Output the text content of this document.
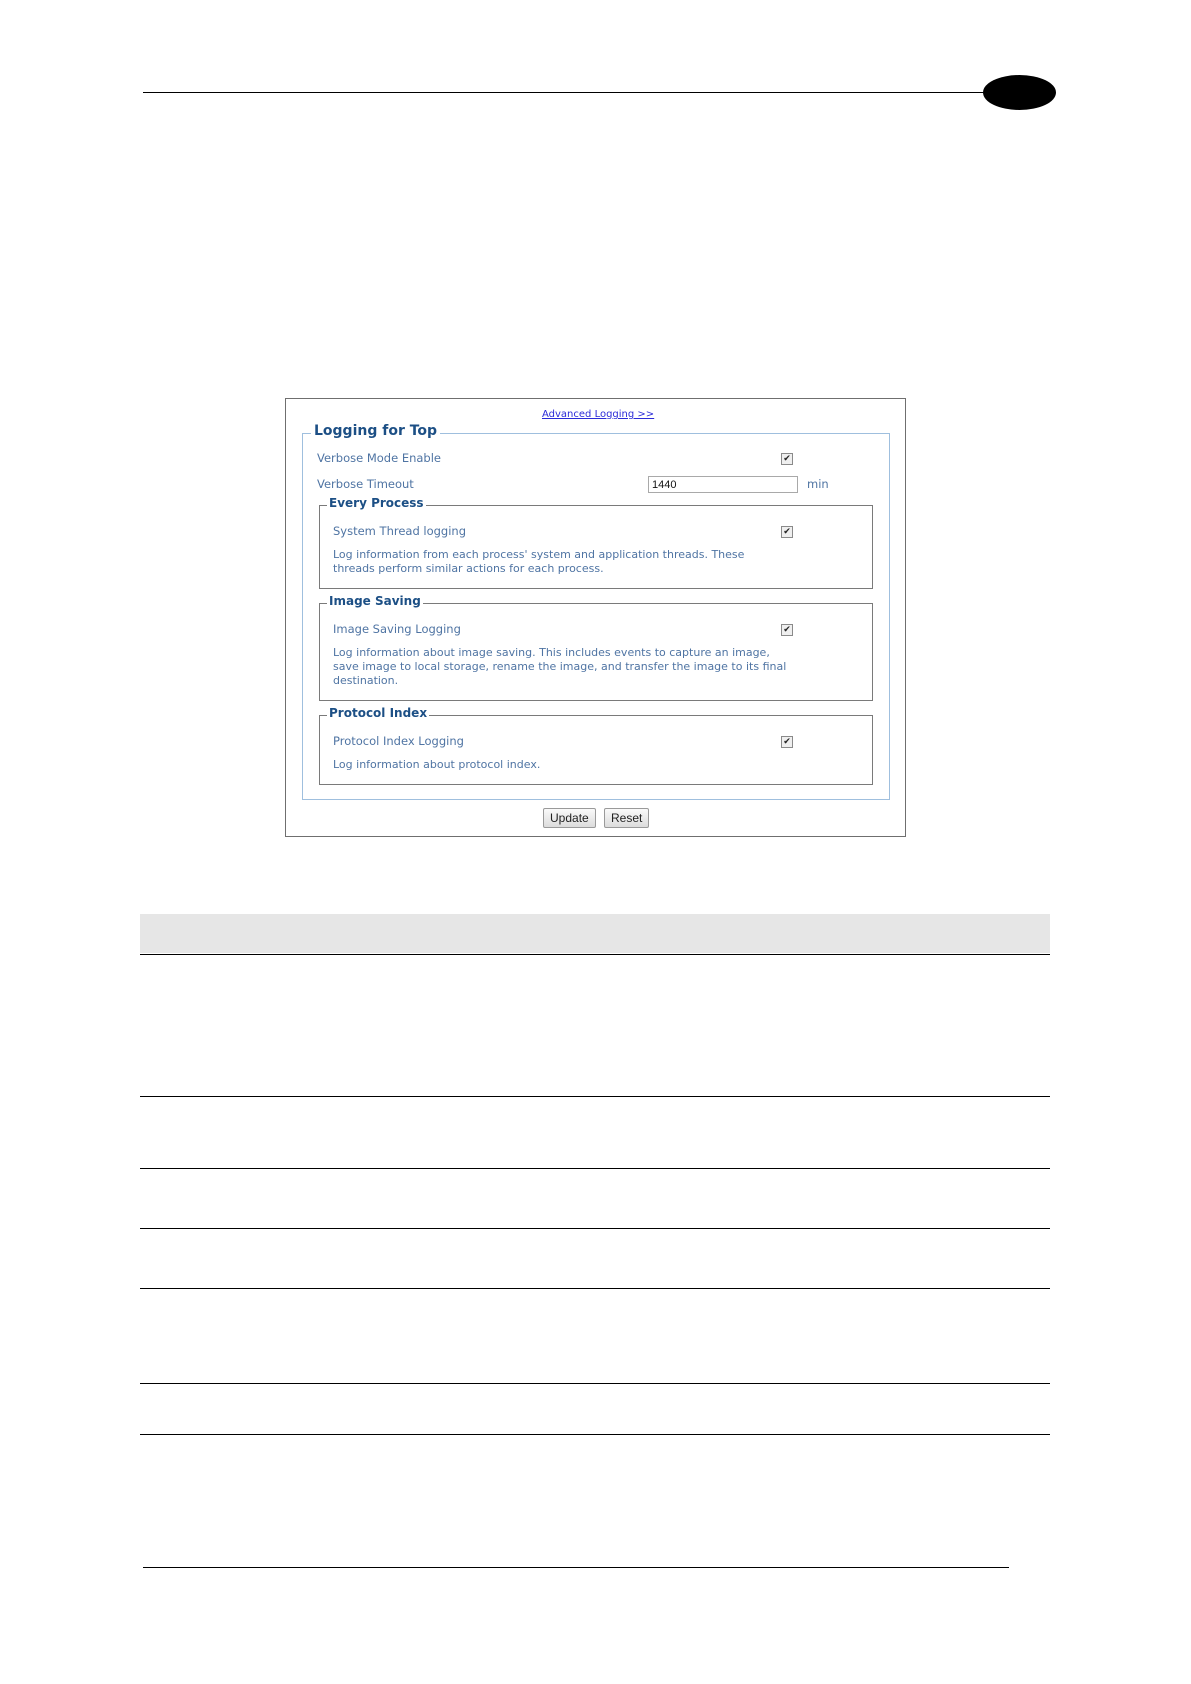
Advanced Logging >>
Logging for Top
Verbose Mode Enable	✔
Verbose Timeout
1440	min
Every Process
System Thread logging	✔
Log information from each process' system and application threads. These threads perform similar actions for each process.
Image Saving
Image Saving Logging	✔
Log information about image saving. This includes events to capture an image, save image to local storage, rename the image, and transfer the image to its final destination.
Protocol Index
Protocol Index Logging	✔
Log information about protocol index.
Update	Reset
